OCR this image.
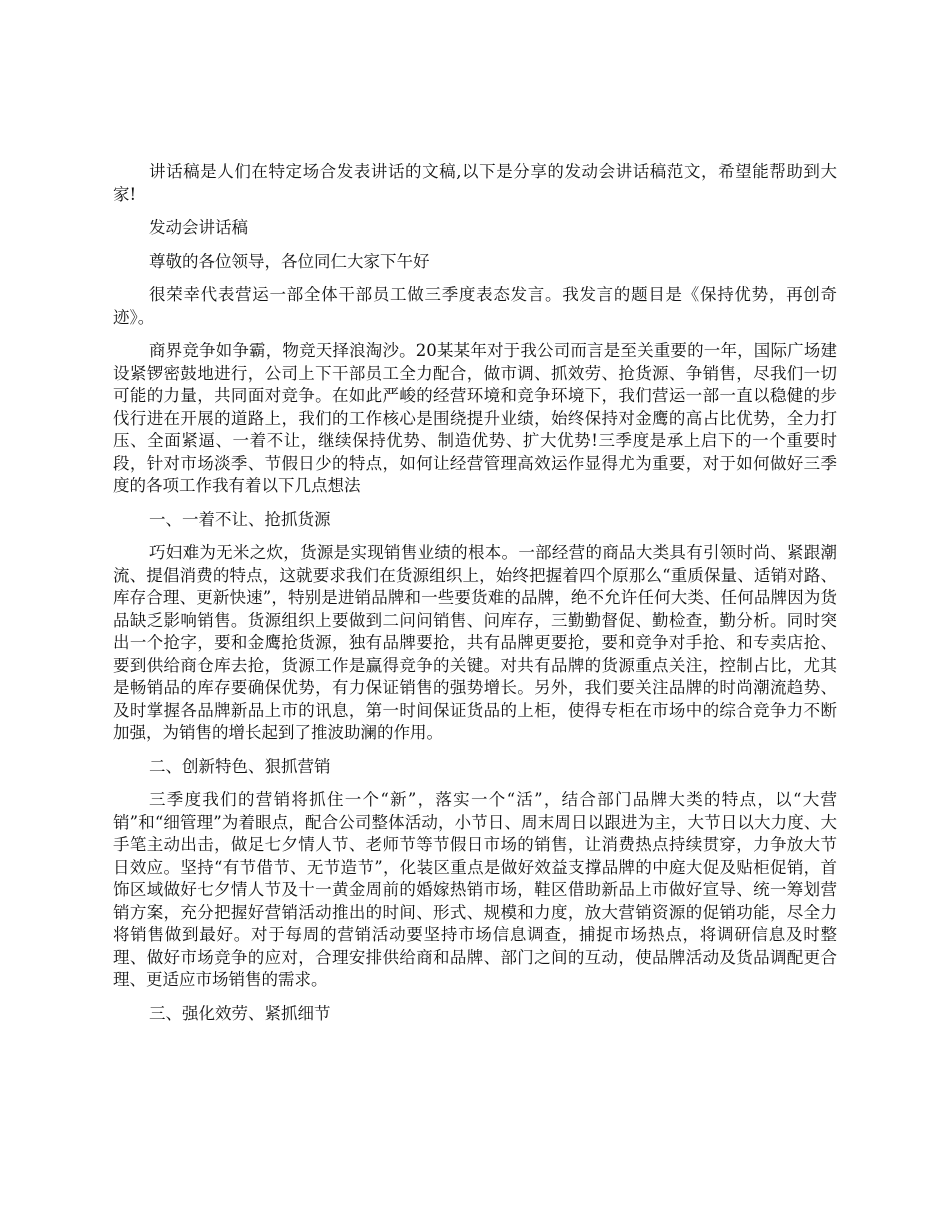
讲话稿是人们在特定场合发表讲话的文稿,以下是分享的发动会讲话稿范文，希望能帮助到大家!

发动会讲话稿

尊敬的各位领导，各位同仁大家下午好

很荣幸代表营运一部全体干部员工做三季度表态发言。我发言的题目是《保持优势，再创奇迹》。

商界竞争如争霸，物竞天择浪淘沙。20某某年对于我公司而言是至关重要的一年，国际广场建设紧锣密鼓地进行，公司上下干部员工全力配合，做市调、抓效劳、抢货源、争销售，尽我们一切可能的力量，共同面对竞争。在如此严峻的经营环境和竞争环境下，我们营运一部一直以稳健的步伐行进在开展的道路上，我们的工作核心是围绕提升业绩，始终保持对金鹰的高占比优势，全力打压、全面紧逼、一着不让，继续保持优势、制造优势、扩大优势!三季度是承上启下的一个重要时段，针对市场淡季、节假日少的特点，如何让经营管理高效运作显得尤为重要，对于如何做好三季度的各项工作我有着以下几点想法

一、一着不让、抢抓货源

巧妇难为无米之炊，货源是实现销售业绩的根本。一部经营的商品大类具有引领时尚、紧跟潮流、提倡消费的特点，这就要求我们在货源组织上，始终把握着四个原那么“重质保量、适销对路、库存合理、更新快速”，特别是进销品牌和一些要货难的品牌，绝不允许任何大类、任何品牌因为货品缺乏影响销售。货源组织上要做到二问问销售、问库存，三勤勤督促、勤检查，勤分析。同时突出一个抢字，要和金鹰抢货源，独有品牌要抢，共有品牌更要抢，要和竞争对手抢、和专卖店抢、要到供给商仓库去抢，货源工作是赢得竞争的关键。对共有品牌的货源重点关注，控制占比，尤其是畅销品的库存要确保优势，有力保证销售的强势增长。另外，我们要关注品牌的时尚潮流趋势、及时掌握各品牌新品上市的讯息，第一时间保证货品的上柜，使得专柜在市场中的综合竞争力不断加强，为销售的增长起到了推波助澜的作用。

二、创新特色、狠抓营销

三季度我们的营销将抓住一个“新”，落实一个“活”，结合部门品牌大类的特点，以“大营销”和“细管理”为着眼点，配合公司整体活动，小节日、周末周日以跟进为主，大节日以大力度、大手笔主动出击，做足七夕情人节、老师节等节假日市场的销售，让消费热点持续贯穿，力争放大节日效应。坚持“有节借节、无节造节”，化装区重点是做好效益支撑品牌的中庭大促及贴柜促销，首饰区域做好七夕情人节及十一黄金周前的婚嫁热销市场，鞋区借助新品上市做好宣导、统一筹划营销方案，充分把握好营销活动推出的时间、形式、规模和力度，放大营销资源的促销功能，尽全力将销售做到最好。对于每周的营销活动要坚持市场信息调查，捕捉市场热点，将调研信息及时整理、做好市场竞争的应对，合理安排供给商和品牌、部门之间的互动，使品牌活动及货品调配更合理、更适应市场销售的需求。

三、强化效劳、紧抓细节
